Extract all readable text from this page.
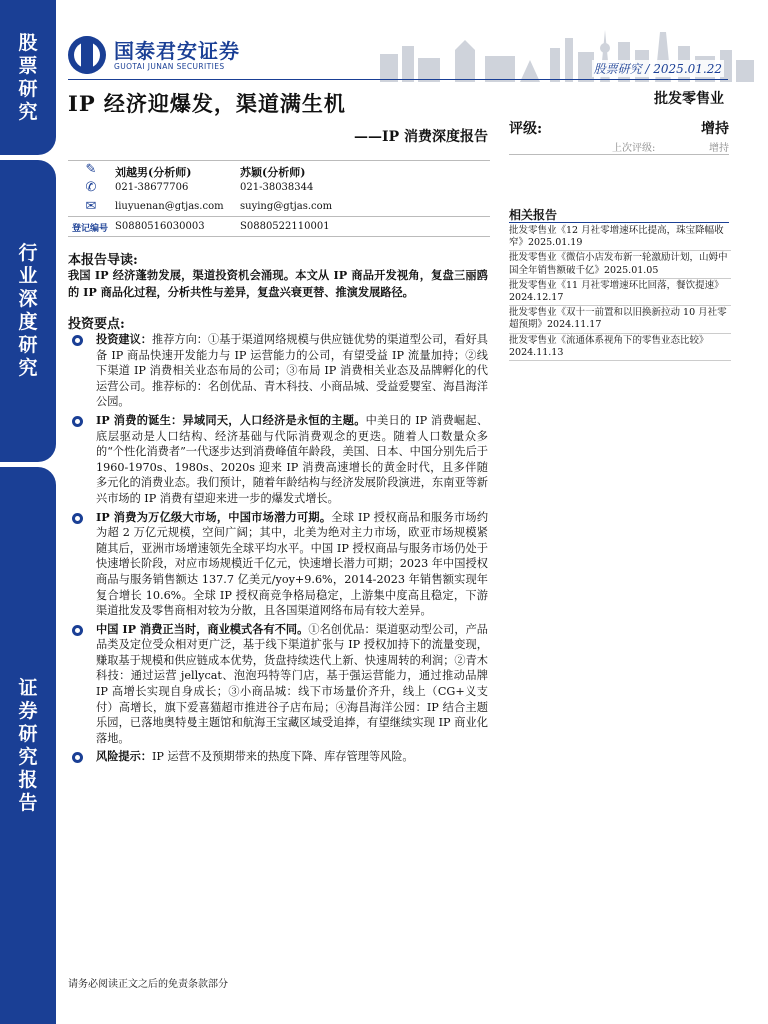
股
票
研
究
行
业
深
度
研
究
证
券
研
究
报
告
国泰君安证券
GUOTAI JUNAN SECURITIES	股票研究 / 2025.01.22
IP 经济迎爆发，渠道满生机	批发零售业
——IP 消费深度报告 评级:	增持
上次评级:	增持
✎ 刘越男(分析师)	苏颖(分析师)
✆ 021-38677706	021-38038344
✉ liuyuenan@gtjas.com suying@gtjas.com
登记编号 S0880516030003	S0880522110001
相关报告
批发零售业《12 月社零增速环比提高，珠宝降幅收窄》2025.01.19
批发零售业《微信小店发布新一轮激励计划，山姆中国全年销售额破千亿》2025.01.05
批发零售业《11 月社零增速环比回落，餐饮提速》2024.12.17
批发零售业《双十一前置和以旧换新拉动 10 月社零超预期》2024.11.17
批发零售业《流通体系视角下的零售业态比较》2024.11.13
本报告导读:
我国 IP 经济蓬勃发展，渠道投资机会涌现。本文从 IP 商品开发视角，复盘三丽鸥的 IP 商品化过程，分析共性与差异，复盘兴衰更替、推演发展路径。
投资要点:
投资建议：推荐方向：①基于渠道网络规模与供应链优势的渠道型公司，看好具备 IP 商品快速开发能力与 IP 运营能力的公司，有望受益 IP 流量加持；②线下渠道 IP 消费相关业态布局的公司；③布局 IP 消费相关业态及品牌孵化的代运营公司。推荐标的：名创优品、青木科技、小商品城、受益爱婴室、海昌海洋公园。
IP 消费的诞生：异域同天，人口经济是永恒的主题。中美日的 IP 消费崛起、底层驱动是人口结构、经济基础与代际消费观念的更迭。随着人口数量众多的“个性化消费者”一代逐步达到消费峰值年龄段，美国、日本、中国分别先后于 1960-1970s、1980s、2020s 迎来 IP 消费高速增长的黄金时代，且多伴随多元化的消费业态。我们预计，随着年龄结构与经济发展阶段演进，东南亚等新兴市场的 IP 消费有望迎来进一步的爆发式增长。
IP 消费为万亿级大市场，中国市场潜力可期。全球 IP 授权商品和服务市场约为超 2 万亿元规模，空间广阔；其中，北美为绝对主力市场，欧亚市场规模紧随其后，亚洲市场增速领先全球平均水平。中国 IP 授权商品与服务市场仍处于快速增长阶段，对应市场规模近千亿元，快速增长潜力可期；2023 年中国授权商品与服务销售额达 137.7 亿美元/yoy+9.6%，2014-2023 年销售额实现年复合增长 10.6%。全球 IP 授权商竞争格局稳定，上游集中度高且稳定，下游渠道批发及零售商相对较为分散，且各国渠道网络布局有较大差异。
中国 IP 消费正当时，商业模式各有不同。①名创优品：渠道驱动型公司，产品品类及定位受众相对更广泛，基于线下渠道扩张与 IP 授权加持下的流量变现，赚取基于规模和供应链成本优势，货盘持续迭代上新、快速周转的利润；②青木科技：通过运营 jellycat、泡泡玛特等门店，基于强运营能力，通过推动品牌 IP 高增长实现自身成长；③小商品城：线下市场量价齐升，线上（CG+义支付）高增长，旗下爱喜猫超市推进谷子店布局；④海昌海洋公园：IP 结合主题乐园，已落地奥特曼主题馆和航海王宝藏区域受追捧，有望继续实现 IP 商业化落地。
风险提示：IP 运营不及预期带来的热度下降、库存管理等风险。
请务必阅读正文之后的免责条款部分
